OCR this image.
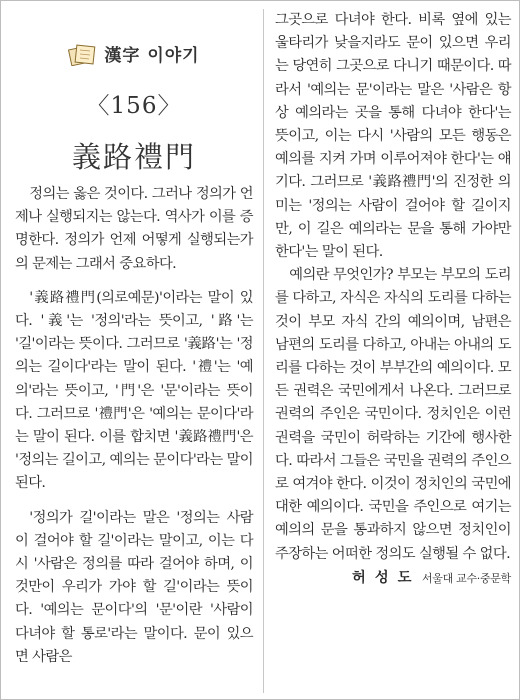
漢字 이야기
〈156〉
義路禮門

정의는 옳은 것이다. 그러나 정의가 언제나 실행되지는 않는다. 역사가 이를 증명한다. 정의가 언제 어떻게 실행되는가의 문제는 그래서 중요하다.

'義路禮門(의로예문)'이라는 말이 있다. '義'는 '정의'라는 뜻이고, '路'는 '길'이라는 뜻이다. 그러므로 '義路'는 '정의는 길이다'라는 말이 된다. '禮'는 '예의'라는 뜻이고, '門'은 '문'이라는 뜻이다. 그러므로 '禮門'은 '예의는 문이다'라는 말이 된다. 이를 합치면 '義路禮門'은 '정의는 길이고, 예의는 문이다'라는 말이 된다.

'정의가 길'이라는 말은 '정의는 사람이 걸어야 할 길'이라는 말이고, 이는 다시 '사람은 정의를 따라 걸어야 하며, 이것만이 우리가 가야 할 길'이라는 뜻이다. '예의는 문이다'의 '문'이란 '사람이 다녀야 할 통로'라는 말이다. 문이 있으면 사람은

그곳으로 다녀야 한다. 비록 옆에 있는 울타리가 낮을지라도 문이 있으면 우리는 당연히 그곳으로 다니기 때문이다. 따라서 '예의는 문'이라는 말은 '사람은 항상 예의라는 곳을 통해 다녀야 한다'는 뜻이고, 이는 다시 '사람의 모든 행동은 예의를 지켜 가며 이루어져야 한다'는 얘기다. 그러므로 '義路禮門'의 진정한 의미는 '정의는 사람이 걸어야 할 길이지만, 이 길은 예의라는 문을 통해 가야만 한다'는 말이 된다.

예의란 무엇인가? 부모는 부모의 도리를 다하고, 자식은 자식의 도리를 다하는 것이 부모 자식 간의 예의이며, 남편은 남편의 도리를 다하고, 아내는 아내의 도리를 다하는 것이 부부간의 예의이다. 모든 권력은 국민에게서 나온다. 그러므로 권력의 주인은 국민이다. 정치인은 이런 권력을 국민이 허락하는 기간에 행사한다. 따라서 그들은 국민을 권력의 주인으로 여겨야 한다. 이것이 정치인의 국민에 대한 예의이다. 국민을 주인으로 여기는 예의의 문을 통과하지 않으면 정치인이 주장하는 어떠한 정의도 실행될 수 없다.

허 성 도 서울대 교수·중문학
